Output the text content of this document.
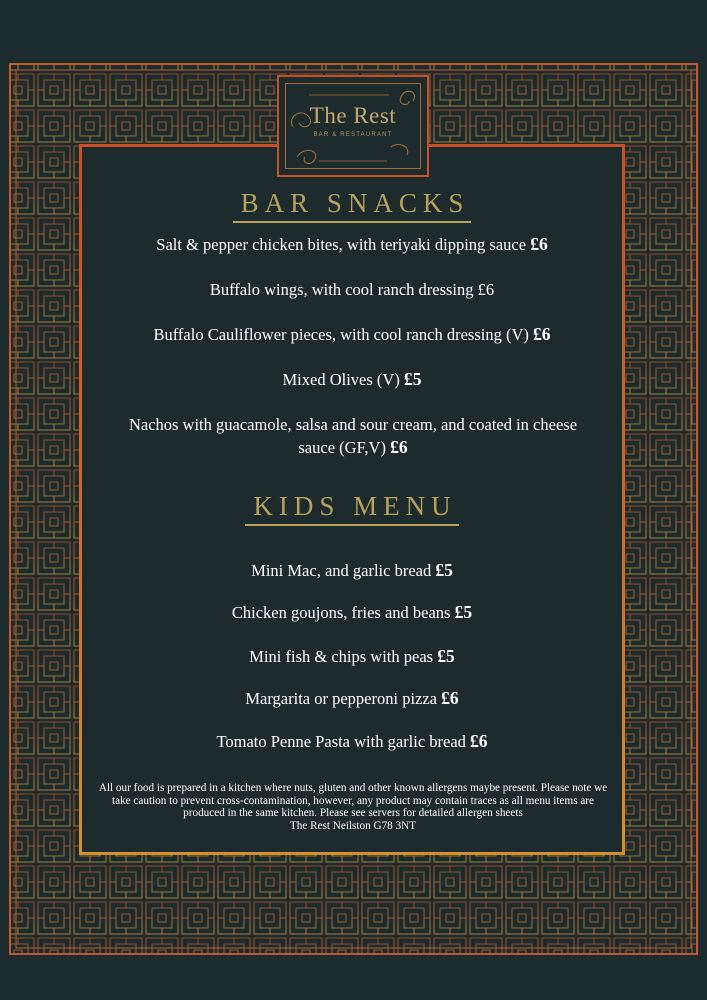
The Rest
BAR & RESTAURANT
BAR SNACKS
Salt & pepper chicken bites, with teriyaki dipping sauce £6
Buffalo wings, with cool ranch dressing £6
Buffalo Cauliflower pieces, with cool ranch dressing (V) £6
Mixed Olives (V) £5
Nachos with guacamole, salsa and sour cream, and coated in cheese sauce (GF,V) £6
KIDS MENU
Mini Mac, and garlic bread £5
Chicken goujons, fries and beans £5
Mini fish & chips with peas £5
Margarita or pepperoni pizza £6
Tomato Penne Pasta with garlic bread £6
All our food is prepared in a kitchen where nuts, gluten and other known allergens maybe present. Please note we take caution to prevent cross-contamination, however, any product may contain traces as all menu items are produced in the same kitchen. Please see servers for detailed allergen sheets
The Rest Neilston G78 3NT
